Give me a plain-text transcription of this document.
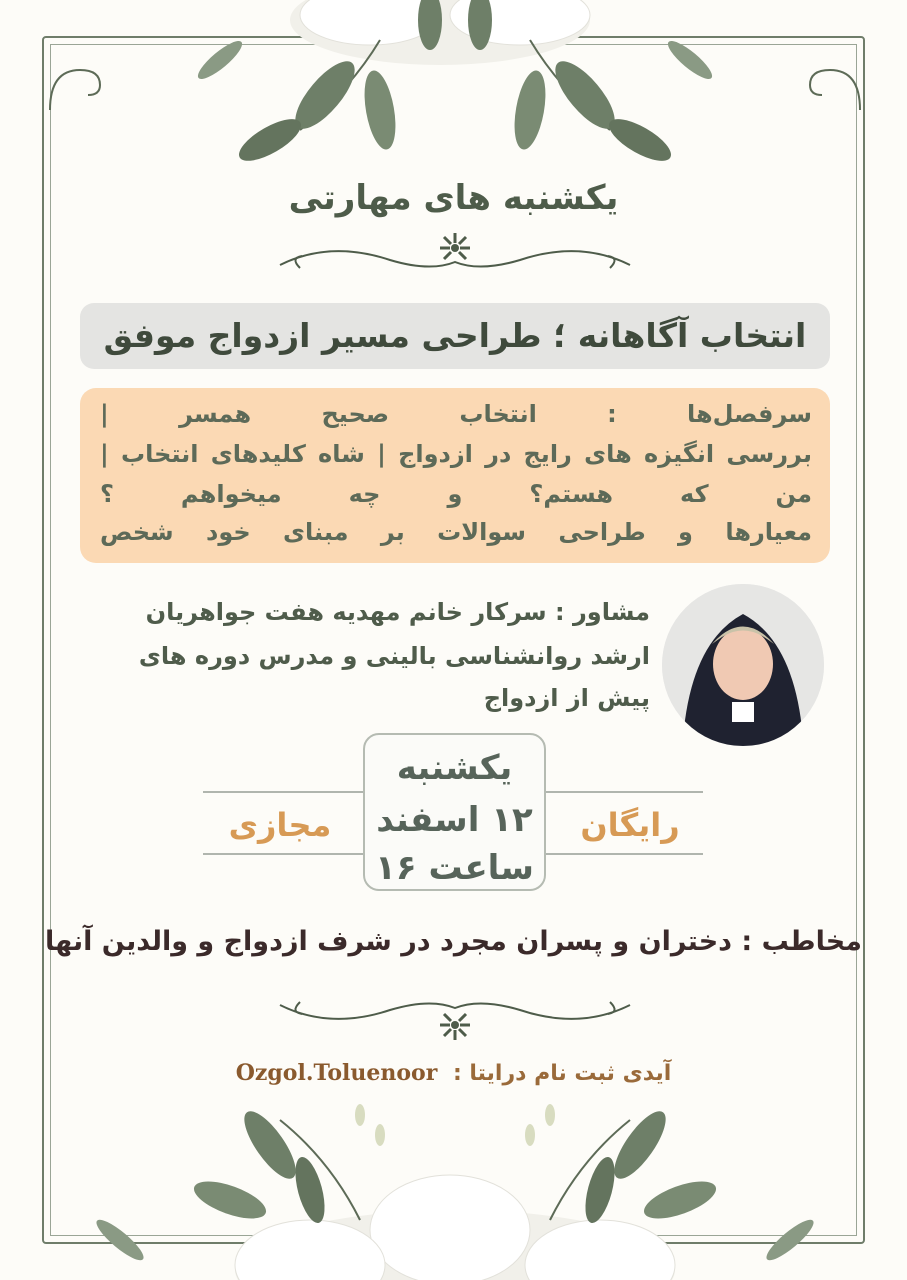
یکشنبه های مهارتی
انتخاب آگاهانه ؛ طراحی مسیر ازدواج موفق
سرفصل‌ها : انتخاب صحیح همسر |
بررسی انگیزه های رایج در ازدواج | شاه کلیدهای انتخاب |
من که هستم؟ و چه میخواهم ؟
معیارها و طراحی سوالات بر مبنای خود شخص
مشاور : سرکار خانم مهدیه هفت جواهریان
ارشد روانشناسی بالینی و مدرس دوره های
پیش از ازدواج
یکشنبه
۱۲ اسفند
ساعت ۱۶
رایگان
مجازی
مخاطب : دختران و پسران مجرد در شرف ازدواج و والدین آنها
Ozgol.Toluenoor آیدی ثبت نام درایتا :
